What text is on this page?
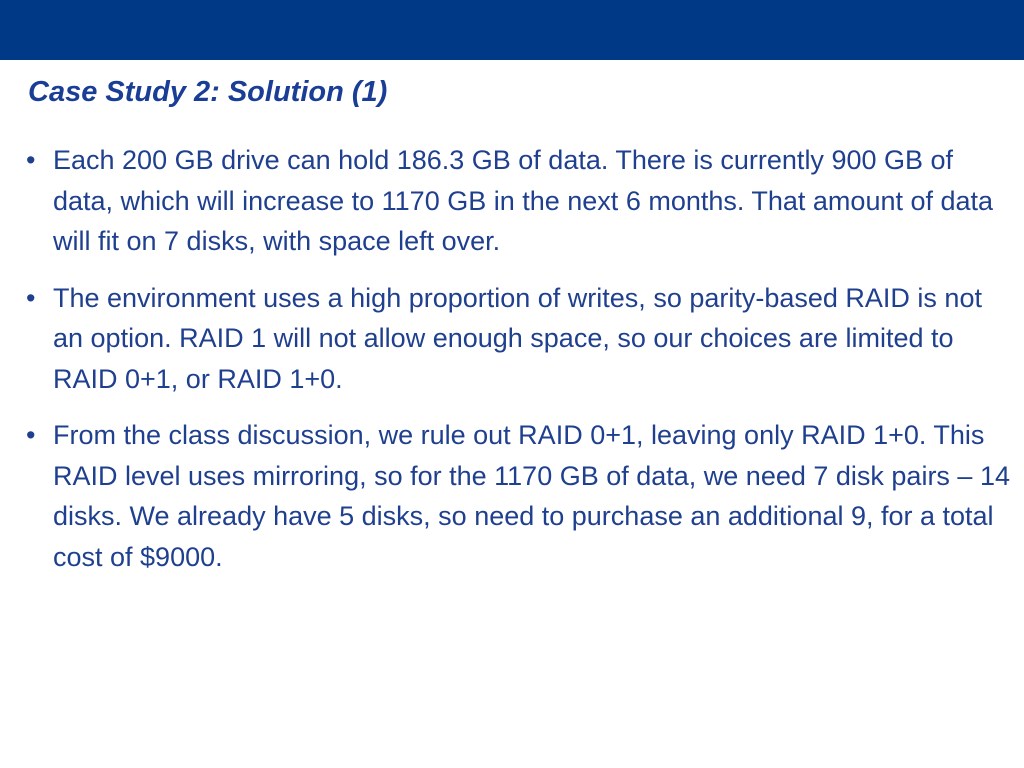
Case Study 2: Solution (1)
• Each 200 GB drive can hold 186.3 GB of data. There is currently 900 GB of data, which will increase to 1170 GB in the next 6 months. That amount of data will fit on 7 disks, with space left over.
• The environment uses a high proportion of writes, so parity-based RAID is not an option. RAID 1 will not allow enough space, so our choices are limited to RAID 0+1, or RAID 1+0.
• From the class discussion, we rule out RAID 0+1, leaving only RAID 1+0. This RAID level uses mirroring, so for the 1170 GB of data, we need 7 disk pairs – 14 disks. We already have 5 disks, so need to purchase an additional 9, for a total cost of $9000.
